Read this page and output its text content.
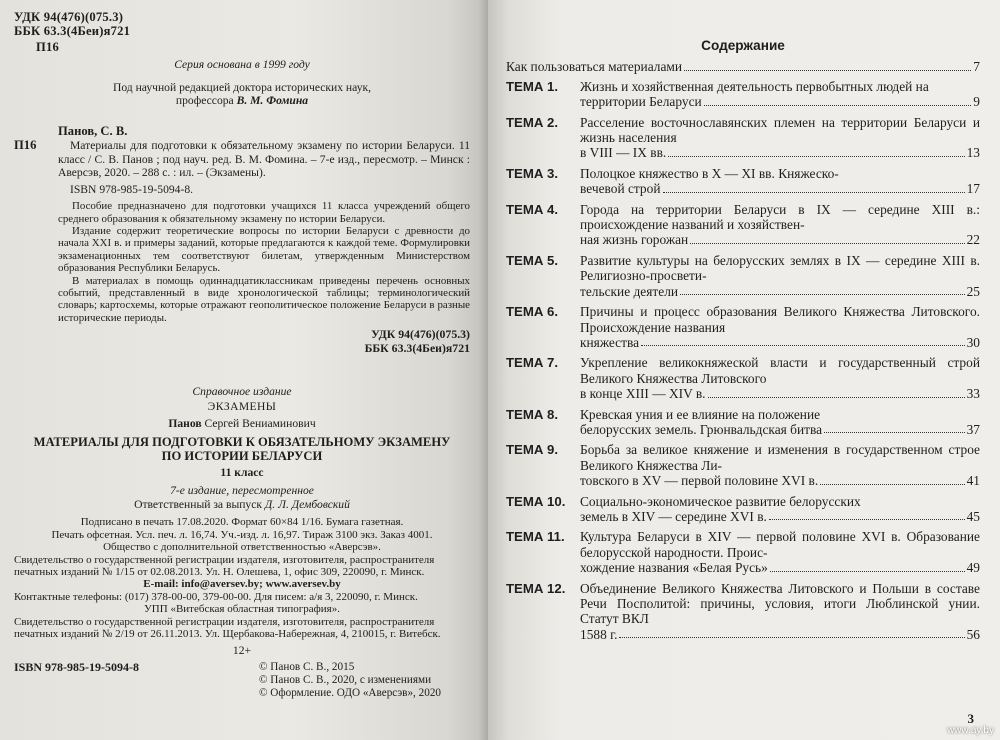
УДК 94(476)(075.3)
ББК 63.3(4Беи)я721
П16
Серия основана в 1999 году
Под научной редакцией доктора исторических наук,
профессора В. М. Фомина
П16
Панов, С. В.
Материалы для подготовки к обязательному экзамену по истории Беларуси. 11 класс / С. В. Панов ; под науч. ред. В. М. Фомина. – 7-е изд., пересмотр. – Минск : Аверсэв, 2020. – 288 с. : ил. – (Экзамены).
ISBN 978-985-19-5094-8.

Пособие предназначено для подготовки учащихся 11 класса учреждений общего среднего образования к обязательному экзамену по истории Беларуси.

Издание содержит теоретические вопросы по истории Беларуси с древности до начала XXI в. и примеры заданий, которые предлагаются к каждой теме. Формулировки экзаменационных тем соответствуют билетам, утвержденным Министерством образования Республики Беларусь.

В материалах в помощь одиннадцатиклассникам приведены перечень основных событий, представленный в виде хронологической таблицы; терминологический словарь; картосхемы, которые отражают геополитическое положение Беларуси в разные исторические периоды.

УДК 94(476)(075.3)
ББК 63.3(4Беи)я721
Справочное издание
ЭКЗАМЕНЫ
Панов Сергей Вениаминович
МАТЕРИАЛЫ ДЛЯ ПОДГОТОВКИ К ОБЯЗАТЕЛЬНОМУ ЭКЗАМЕНУ
ПО ИСТОРИИ БЕЛАРУСИ
11 класс
7-е издание, пересмотренное
Ответственный за выпуск Д. Л. Дембовский
Подписано в печать 17.08.2020. Формат 60×84 1/16. Бумага газетная.
Печать офсетная. Усл. печ. л. 16,74. Уч.-изд. л. 16,97. Тираж 3100 экз. Заказ 4001.
Общество с дополнительной ответственностью «Аверсэв».
Свидетельство о государственной регистрации издателя, изготовителя, распространителя печатных изданий № 1/15 от 02.08.2013. Ул. Н. Олешева, 1, офис 309, 220090, г. Минск.
E-mail: info@aversev.by; www.aversev.by
Контактные телефоны: (017) 378-00-00, 379-00-00. Для писем: а/я 3, 220090, г. Минск.
УПП «Витебская областная типография».
Свидетельство о государственной регистрации издателя, изготовителя, распространителя печатных изданий № 2/19 от 26.11.2013. Ул. Щербакова-Набережная, 4, 210015, г. Витебск.
12+
ISBN 978-985-19-5094-8	© Панов С. В., 2015
© Панов С. В., 2020, с изменениями
© Оформление. ОДО «Аверсэв», 2020
Содержание
Как пользоваться материалами	7
ТЕМА 1.	Жизнь и хозяйственная деятельность первобытных людей на
территории Беларуси	9
ТЕМА 2.	Расселение восточнославянских племен на территории Беларуси и жизнь населения
в VIII — IX вв.	13
ТЕМА 3.	Полоцкое княжество в X — XI вв. Княжеско-
вечевой строй	17
ТЕМА 4.	Города на территории Беларуси в IX — середине XIII в.: происхождение названий и хозяйствен-
ная жизнь горожан	22
ТЕМА 5.	Развитие культуры на белорусских землях в IX — середине XIII в. Религиозно-просвети-
тельские деятели	25
ТЕМА 6.	Причины и процесс образования Великого Княжества Литовского. Происхождение названия
княжества	30
ТЕМА 7.	Укрепление великокняжеской власти и государственный строй Великого Княжества Литовского
в конце XIII — XIV в.	33
ТЕМА 8.	Кревская уния и ее влияние на положение
белорусских земель. Грюнвальдская битва	37
ТЕМА 9.	Борьба за великое княжение и изменения в государственном строе Великого Княжества Ли-
товского в XV — первой половине XVI в.	41
ТЕМА 10.	Социально-экономическое развитие белорусских
земель в XIV — середине XVI в.	45
ТЕМА 11.	Культура Беларуси в XIV — первой половине XVI в. Образование белорусской народности. Проис-
хождение названия «Белая Русь»	49
ТЕМА 12.	Объединение Великого Княжества Литовского и Польши в составе Речи Посполитой: причины, условия, итоги Люблинской унии. Статут ВКЛ
1588 г.	56
3
www.ay.by
